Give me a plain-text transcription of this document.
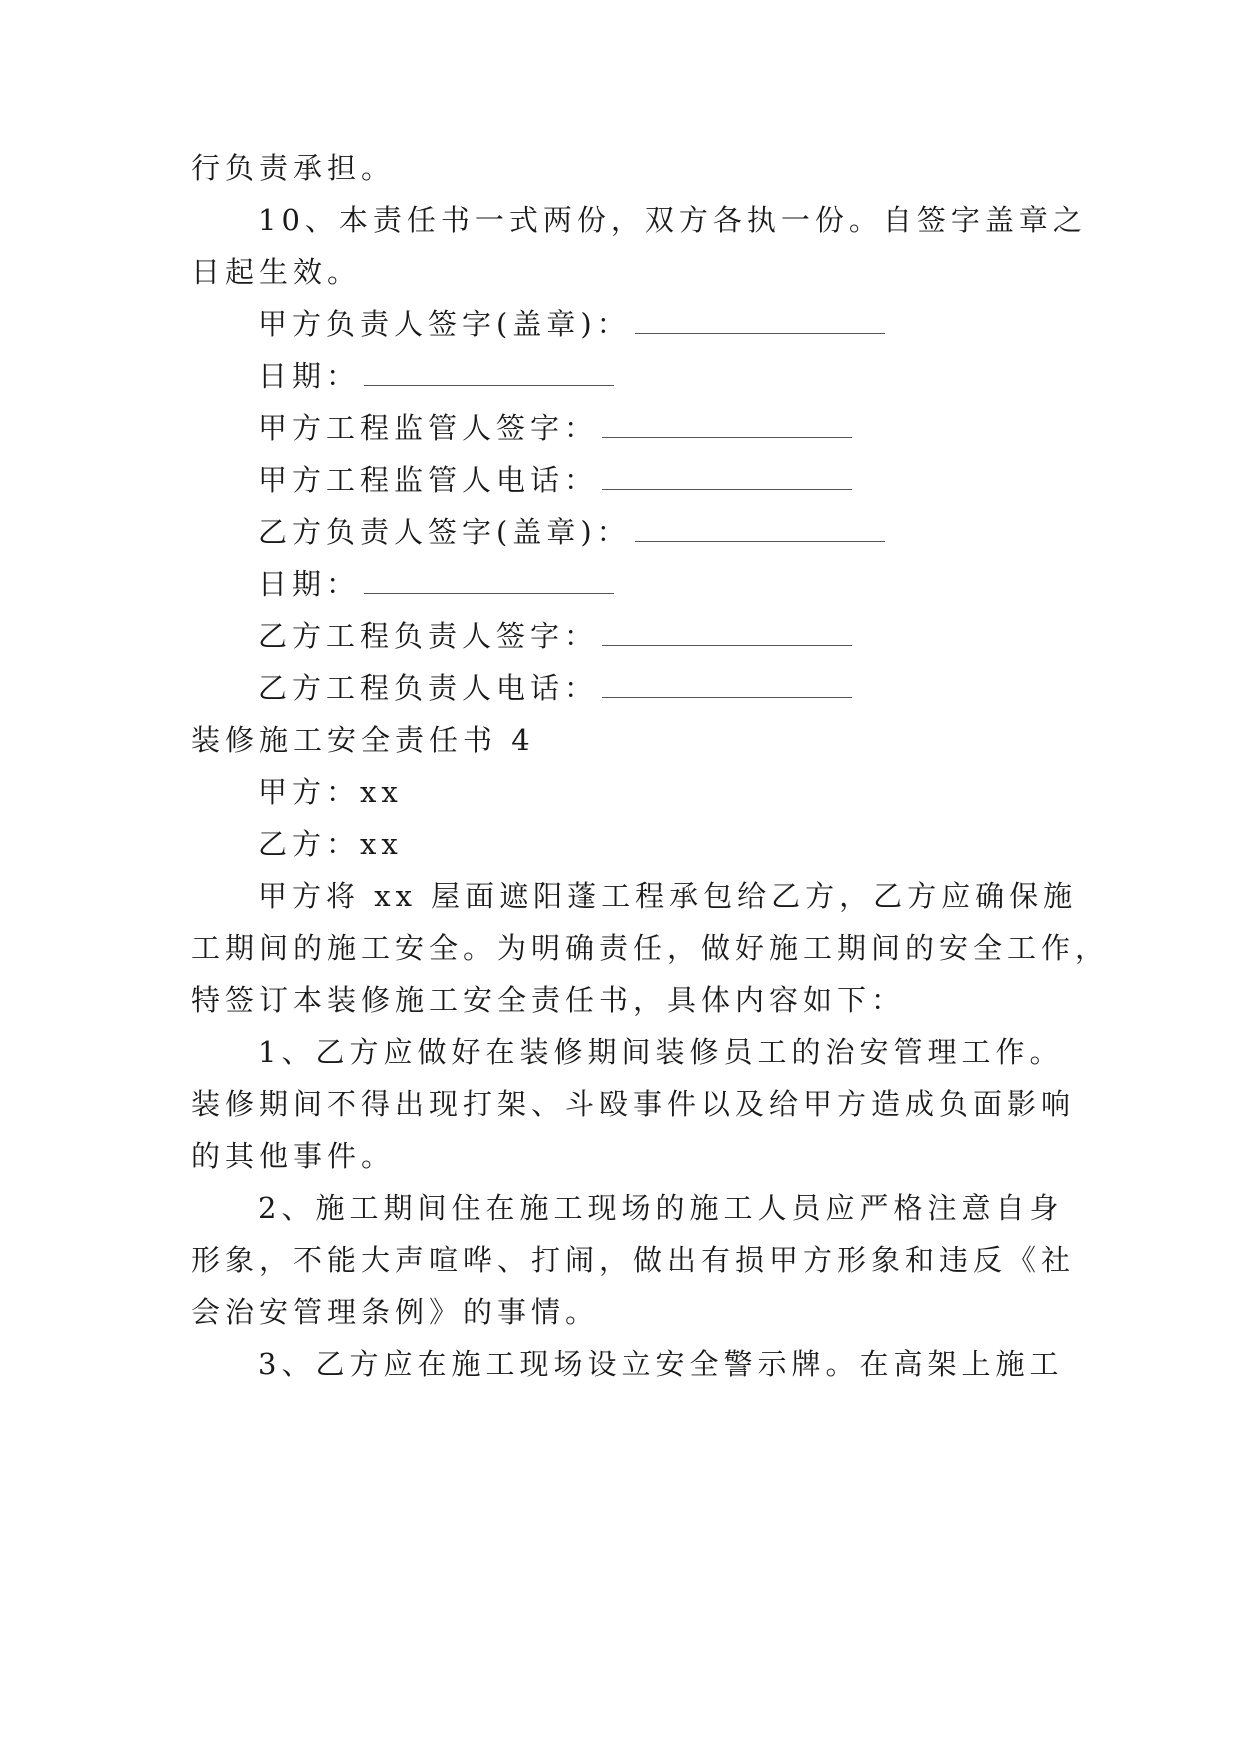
行负责承担。
10、本责任书一式两份，双方各执一份。自签字盖章之
日起生效。
甲方负责人签字(盖章)：
日期：
甲方工程监管人签字：
甲方工程监管人电话：
乙方负责人签字(盖章)：
日期：
乙方工程负责人签字：
乙方工程负责人电话：
装修施工安全责任书 4
甲方：xx
乙方：xx
甲方将 xx 屋面遮阳蓬工程承包给乙方，乙方应确保施
工期间的施工安全。为明确责任，做好施工期间的安全工作，
特签订本装修施工安全责任书，具体内容如下：
1、乙方应做好在装修期间装修员工的治安管理工作。
装修期间不得出现打架、斗殴事件以及给甲方造成负面影响
的其他事件。
2、施工期间住在施工现场的施工人员应严格注意自身
形象，不能大声喧哗、打闹，做出有损甲方形象和违反《社
会治安管理条例》的事情。
3、乙方应在施工现场设立安全警示牌。在高架上施工
